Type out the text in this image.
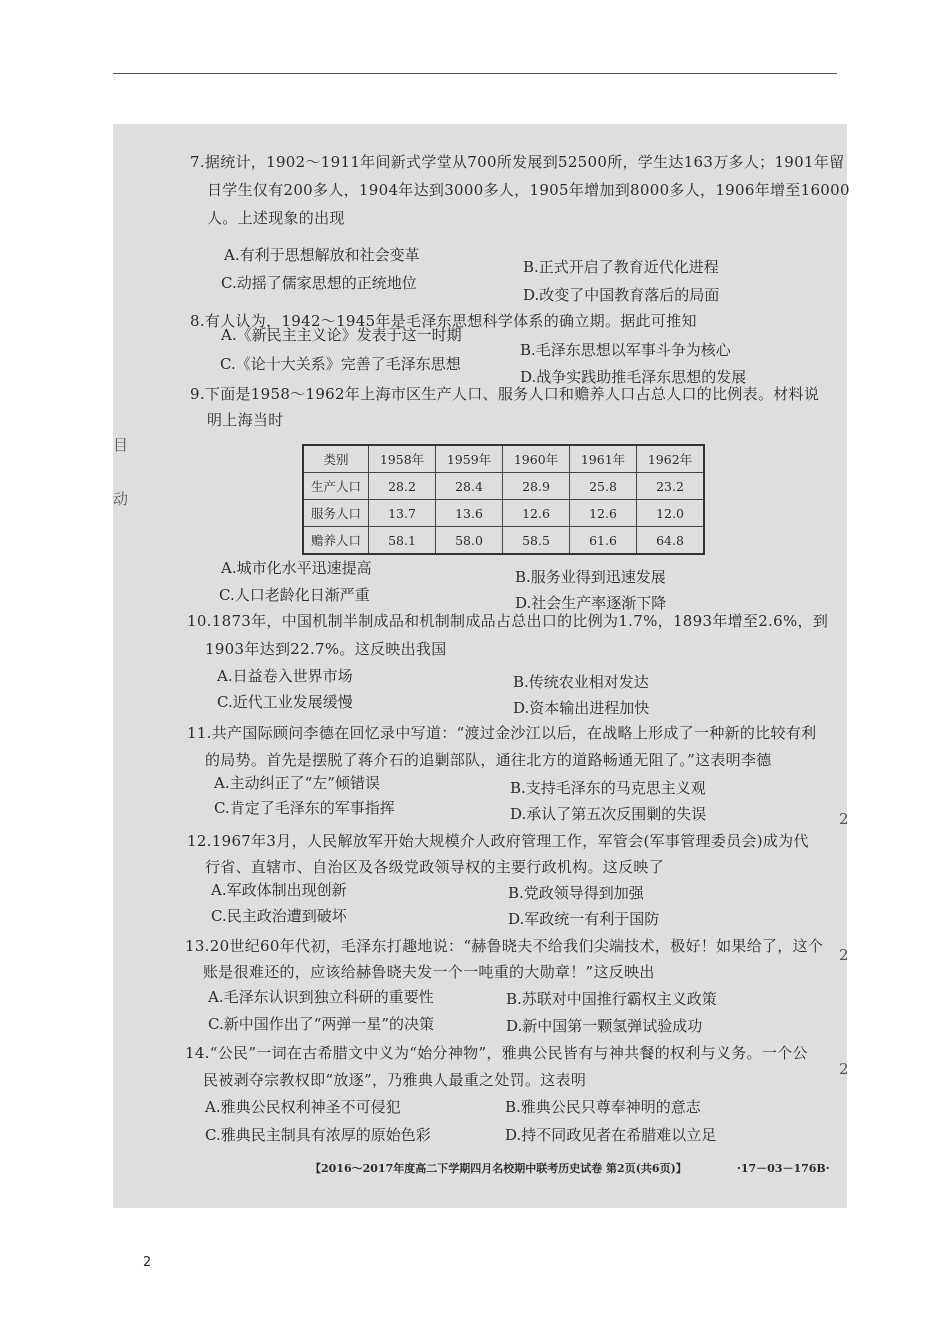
7.据统计，1902～1911年间新式学堂从700所发展到52500所，学生达163万多人；1901年留
日学生仅有200多人，1904年达到3000多人，1905年增加到8000多人，1906年增至16000
人。上述现象的出现
A.有利于思想解放和社会变革
B.正式开启了教育近代化进程
C.动摇了儒家思想的正统地位
D.改变了中国教育落后的局面
8.有人认为，1942～1945年是毛泽东思想科学体系的确立期。据此可推知
A.《新民主主义论》发表于这一时期
B.毛泽东思想以军事斗争为核心
C.《论十大关系》完善了毛泽东思想
D.战争实践助推毛泽东思想的发展
9.下面是1958～1962年上海市区生产人口、服务人口和赡养人口占总人口的比例表。材料说
明上海当时
类别	1958年	1959年	1960年	1961年	1962年
生产人口	28.2	28.4	28.9	25.8	23.2
服务人口	13.7	13.6	12.6	12.6	12.0
赡养人口	58.1	58.0	58.5	61.6	64.8
A.城市化水平迅速提高	B.服务业得到迅速发展
C.人口老龄化日渐严重	D.社会生产率逐渐下降
10.1873年，中国机制半制成品和机制制成品占总出口的比例为1.7%，1893年增至2.6%，到
1903年达到22.7%。这反映出我国
A.日益卷入世界市场	B.传统农业相对发达
C.近代工业发展缓慢	D.资本输出进程加快
11.共产国际顾问李德在回忆录中写道：“渡过金沙江以后，在战略上形成了一种新的比较有利
的局势。首先是摆脱了蒋介石的追剿部队，通往北方的道路畅通无阻了。”这表明李德
A.主动纠正了“左”倾错误	B.支持毛泽东的马克思主义观
C.肯定了毛泽东的军事指挥	D.承认了第五次反围剿的失误
12.1967年3月，人民解放军开始大规模介人政府管理工作，军管会(军事管理委员会)成为代
行省、直辖市、自治区及各级党政领导权的主要行政机构。这反映了
A.军政体制出现创新	B.党政领导得到加强
C.民主政治遭到破坏	D.军政统一有利于国防
13.20世纪60年代初，毛泽东打趣地说：“赫鲁晓夫不给我们尖端技术，极好！如果给了，这个
账是很难还的，应该给赫鲁晓夫发一个一吨重的大勋章！”这反映出
A.毛泽东认识到独立科研的重要性	B.苏联对中国推行霸权主义政策
C.新中国作出了“两弹一星”的决策	D.新中国第一颗氢弹试验成功
14.“公民”一词在古希腊文中义为“始分神物”，雅典公民皆有与神共餐的权利与义务。一个公
民被剥夺宗教权即“放逐”，乃雅典人最重之处罚。这表明
A.雅典公民权利神圣不可侵犯	B.雅典公民只尊奉神明的意志
C.雅典民主制具有浓厚的原始色彩	D.持不同政见者在希腊难以立足
【2016～2017年度高二下学期四月名校期中联考历史试卷 第2页(共6页)】	·17－03－176B·
目
动
2
2
2
2
